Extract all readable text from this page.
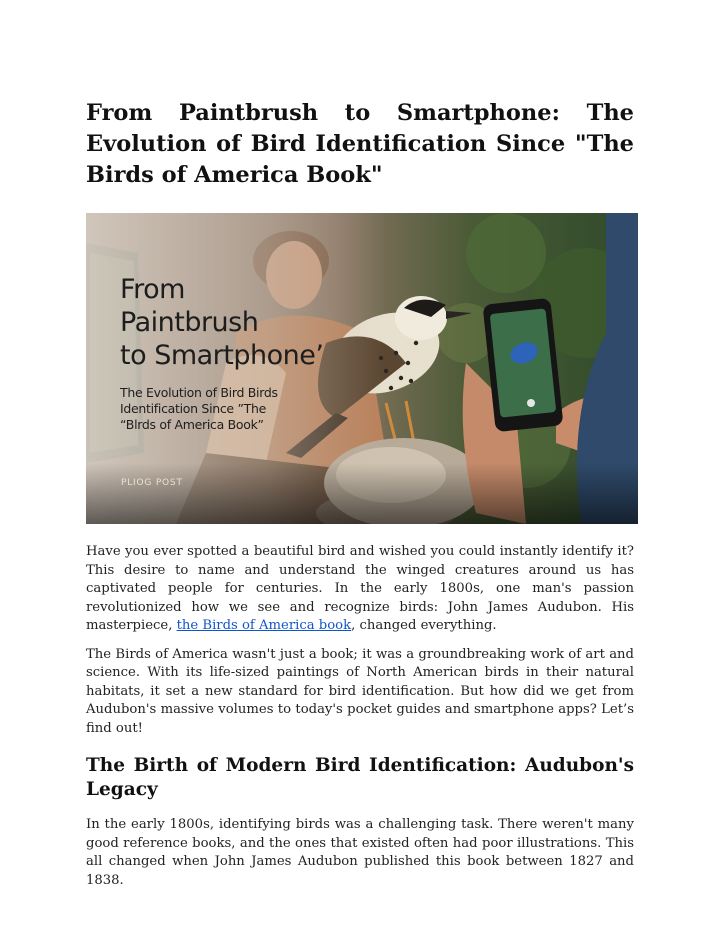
From Paintbrush to Smartphone: The Evolution of Bird Identification Since "The Birds of America Book"
From
Paintbrush
to Smartphone’
The Evolution of Bird Birds
Identification Since ”The
“Blrds of America Book”
PLIOG POST

Have you ever spotted a beautiful bird and wished you could instantly identify it? This desire to name and understand the winged creatures around us has captivated people for centuries. In the early 1800s, one man's passion revolutionized how we see and recognize birds: John James Audubon. His masterpiece, the Birds of America book, changed everything.

The Birds of America wasn't just a book; it was a groundbreaking work of art and science. With its life-sized paintings of North American birds in their natural habitats, it set a new standard for bird identification. But how did we get from Audubon's massive volumes to today's pocket guides and smartphone apps? Let’s find out!

The Birth of Modern Bird Identification: Audubon's Legacy

In the early 1800s, identifying birds was a challenging task. There weren't many good reference books, and the ones that existed often had poor illustrations. This all changed when John James Audubon published this book between 1827 and 1838.
